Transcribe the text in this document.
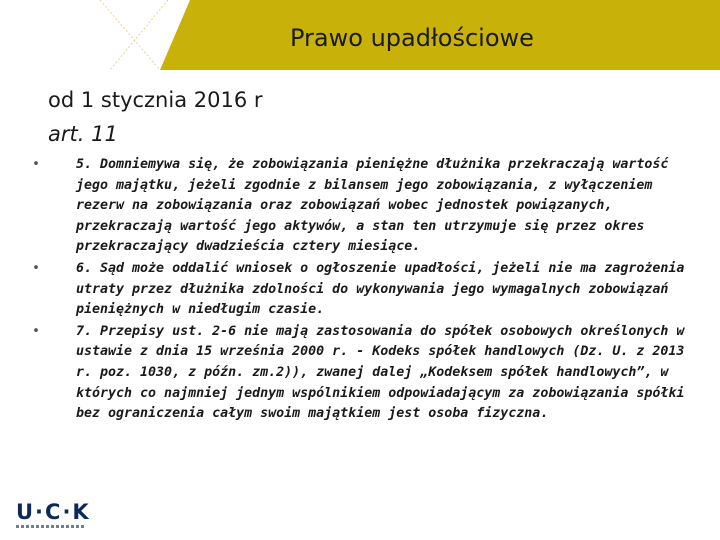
Prawo upadłościowe
od 1 stycznia 2016 r
art. 11
•	5. Domniemywa się, że zobowiązania pieniężne dłużnika przekraczają wartość jego majątku, jeżeli zgodnie z bilansem jego zobowiązania, z wyłączeniem rezerw na zobowiązania oraz zobowiązań wobec jednostek powiązanych, przekraczają wartość jego aktywów, a stan ten utrzymuje się przez okres przekraczający dwadzieścia cztery miesiące.
•	6. Sąd może oddalić wniosek o ogłoszenie upadłości, jeżeli nie ma zagrożenia utraty przez dłużnika zdolności do wykonywania jego wymagalnych zobowiązań pieniężnych w niedługim czasie.
•	7. Przepisy ust. 2-6 nie mają zastosowania do spółek osobowych określonych w ustawie z dnia 15 września 2000 r. - Kodeks spółek handlowych (Dz. U. z 2013 r. poz. 1030, z późn. zm.2)), zwanej dalej „Kodeksem spółek handlowych”, w których co najmniej jednym wspólnikiem odpowiadającym za zobowiązania spółki bez ograniczenia całym swoim majątkiem jest osoba fizyczna.
U·C·K
